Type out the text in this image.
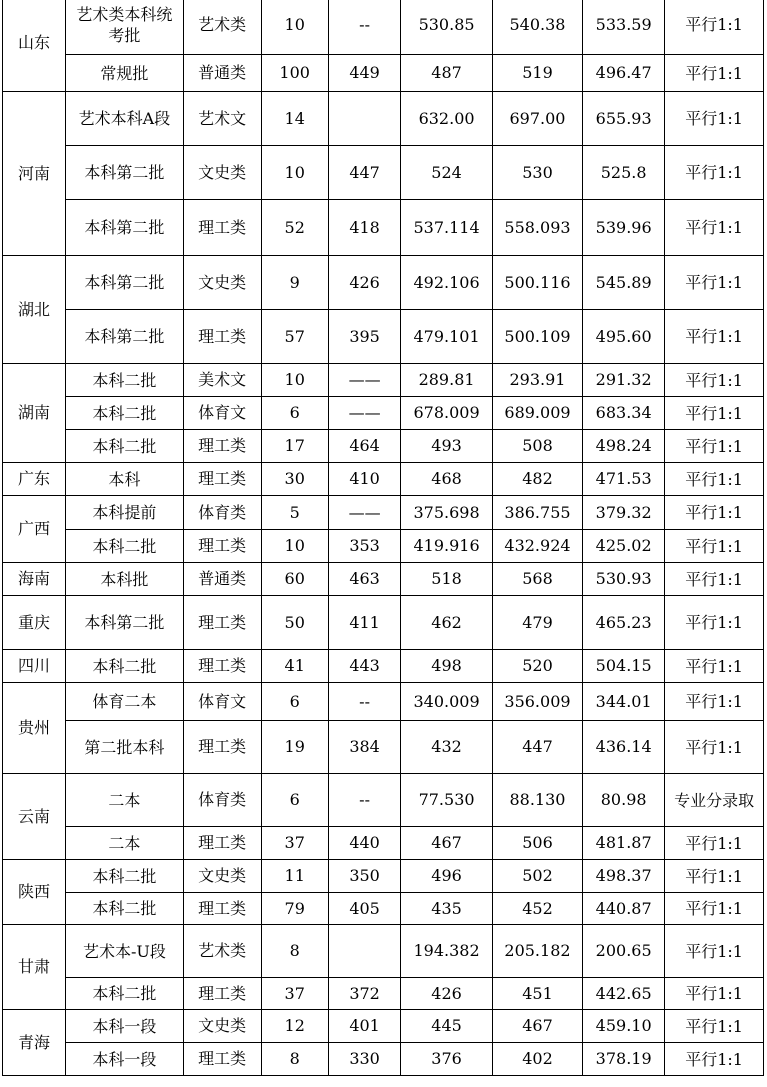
山东	艺术类本科统考批	艺术类	10	--	530.85	540.38	533.59	平行1:1
	常规批	普通类	100	449	487	519	496.47	平行1:1
河南	艺术本科A段	艺术文	14		632.00	697.00	655.93	平行1:1
	本科第二批	文史类	10	447	524	530	525.8	平行1:1
	本科第二批	理工类	52	418	537.114	558.093	539.96	平行1:1
湖北	本科第二批	文史类	9	426	492.106	500.116	545.89	平行1:1
	本科第二批	理工类	57	395	479.101	500.109	495.60	平行1:1
湖南	本科二批	美术文	10	——	289.81	293.91	291.32	平行1:1
	本科二批	体育文	6	——	678.009	689.009	683.34	平行1:1
	本科二批	理工类	17	464	493	508	498.24	平行1:1
广东	本科	理工类	30	410	468	482	471.53	平行1:1
广西	本科提前	体育类	5	——	375.698	386.755	379.32	平行1:1
	本科二批	理工类	10	353	419.916	432.924	425.02	平行1:1
海南	本科批	普通类	60	463	518	568	530.93	平行1:1
重庆	本科第二批	理工类	50	411	462	479	465.23	平行1:1
四川	本科二批	理工类	41	443	498	520	504.15	平行1:1
贵州	体育二本	体育文	6	--	340.009	356.009	344.01	平行1:1
	第二批本科	理工类	19	384	432	447	436.14	平行1:1
云南	二本	体育类	6	--	77.530	88.130	80.98	专业分录取
	二本	理工类	37	440	467	506	481.87	平行1:1
陕西	本科二批	文史类	11	350	496	502	498.37	平行1:1
	本科二批	理工类	79	405	435	452	440.87	平行1:1
甘肃	艺术本-U段	艺术类	8		194.382	205.182	200.65	平行1:1
	本科二批	理工类	37	372	426	451	442.65	平行1:1
青海	本科一段	文史类	12	401	445	467	459.10	平行1:1
	本科一段	理工类	8	330	376	402	378.19	平行1:1
